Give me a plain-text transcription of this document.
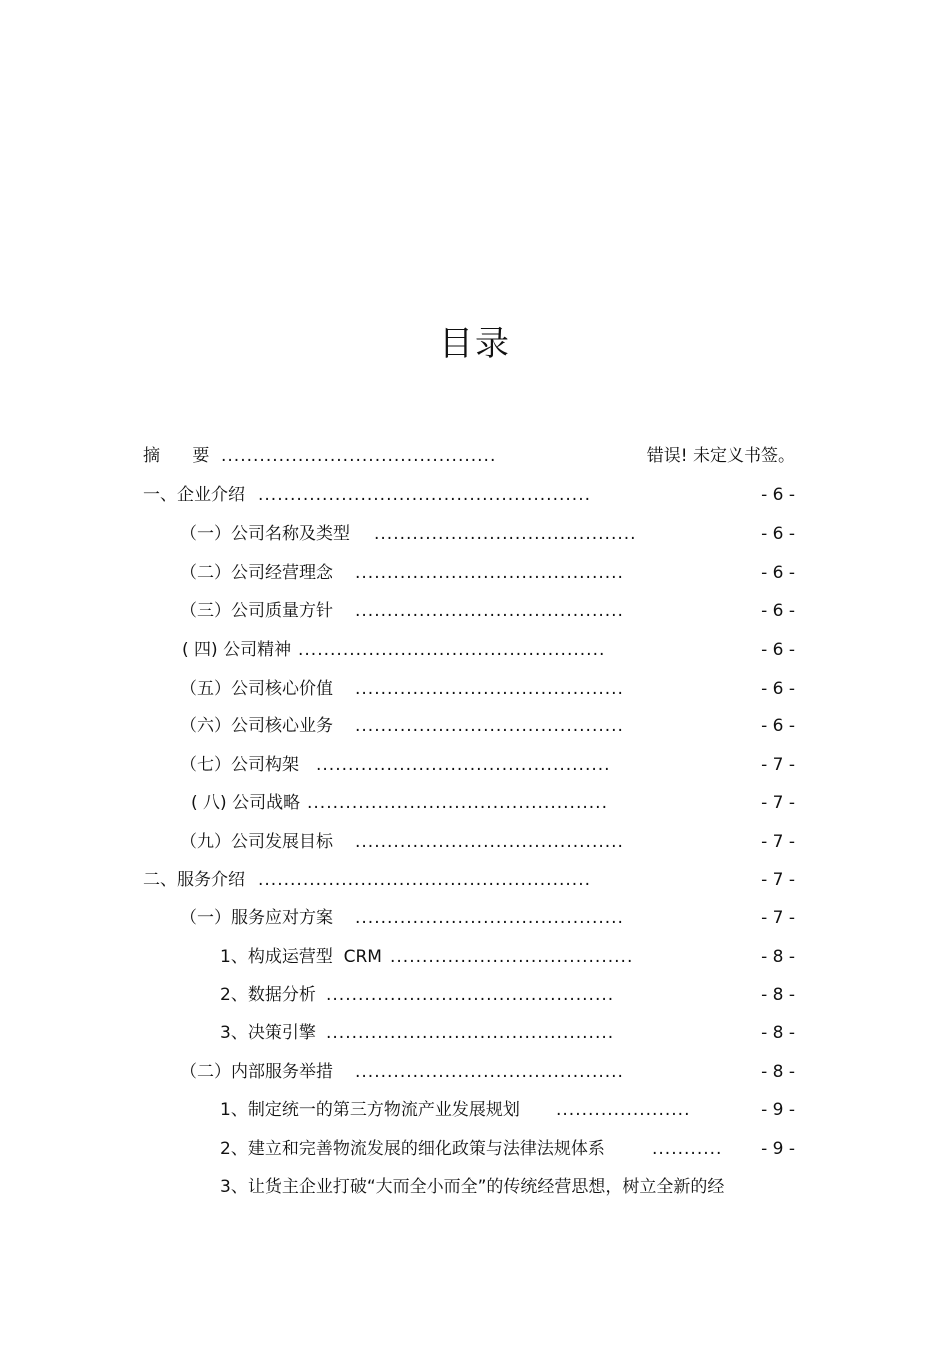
目录
摘      要 ...........................................	错误! 未定义书签。
一、企业介绍 ....................................................	- 6 -
（一）公司名称及类型 .........................................	- 6 -
（二）公司经营理念 ..........................................	- 6 -
（三）公司质量方针 ..........................................	- 6 -
( 四) 公司精神 ................................................	- 6 -
（五）公司核心价值 ..........................................	- 6 -
（六）公司核心业务 ..........................................	- 6 -
（七）公司构架 ..............................................	- 7 -
( 八) 公司战略 ...............................................	- 7 -
（九）公司发展目标 ..........................................	- 7 -
二、服务介绍 ....................................................	- 7 -
（一）服务应对方案 ..........................................	- 7 -
1、构成运营型  CRM ......................................	- 8 -
2、数据分析 .............................................	- 8 -
3、决策引擎 .............................................	- 8 -
（二）内部服务举措 ..........................................	- 8 -
1、制定统一的第三方物流产业发展规划 .....................	- 9 -
2、建立和完善物流发展的细化政策与法律法规体系	...........	- 9 -
3、让货主企业打破“大而全小而全”的传统经营思想，树立全新的经
